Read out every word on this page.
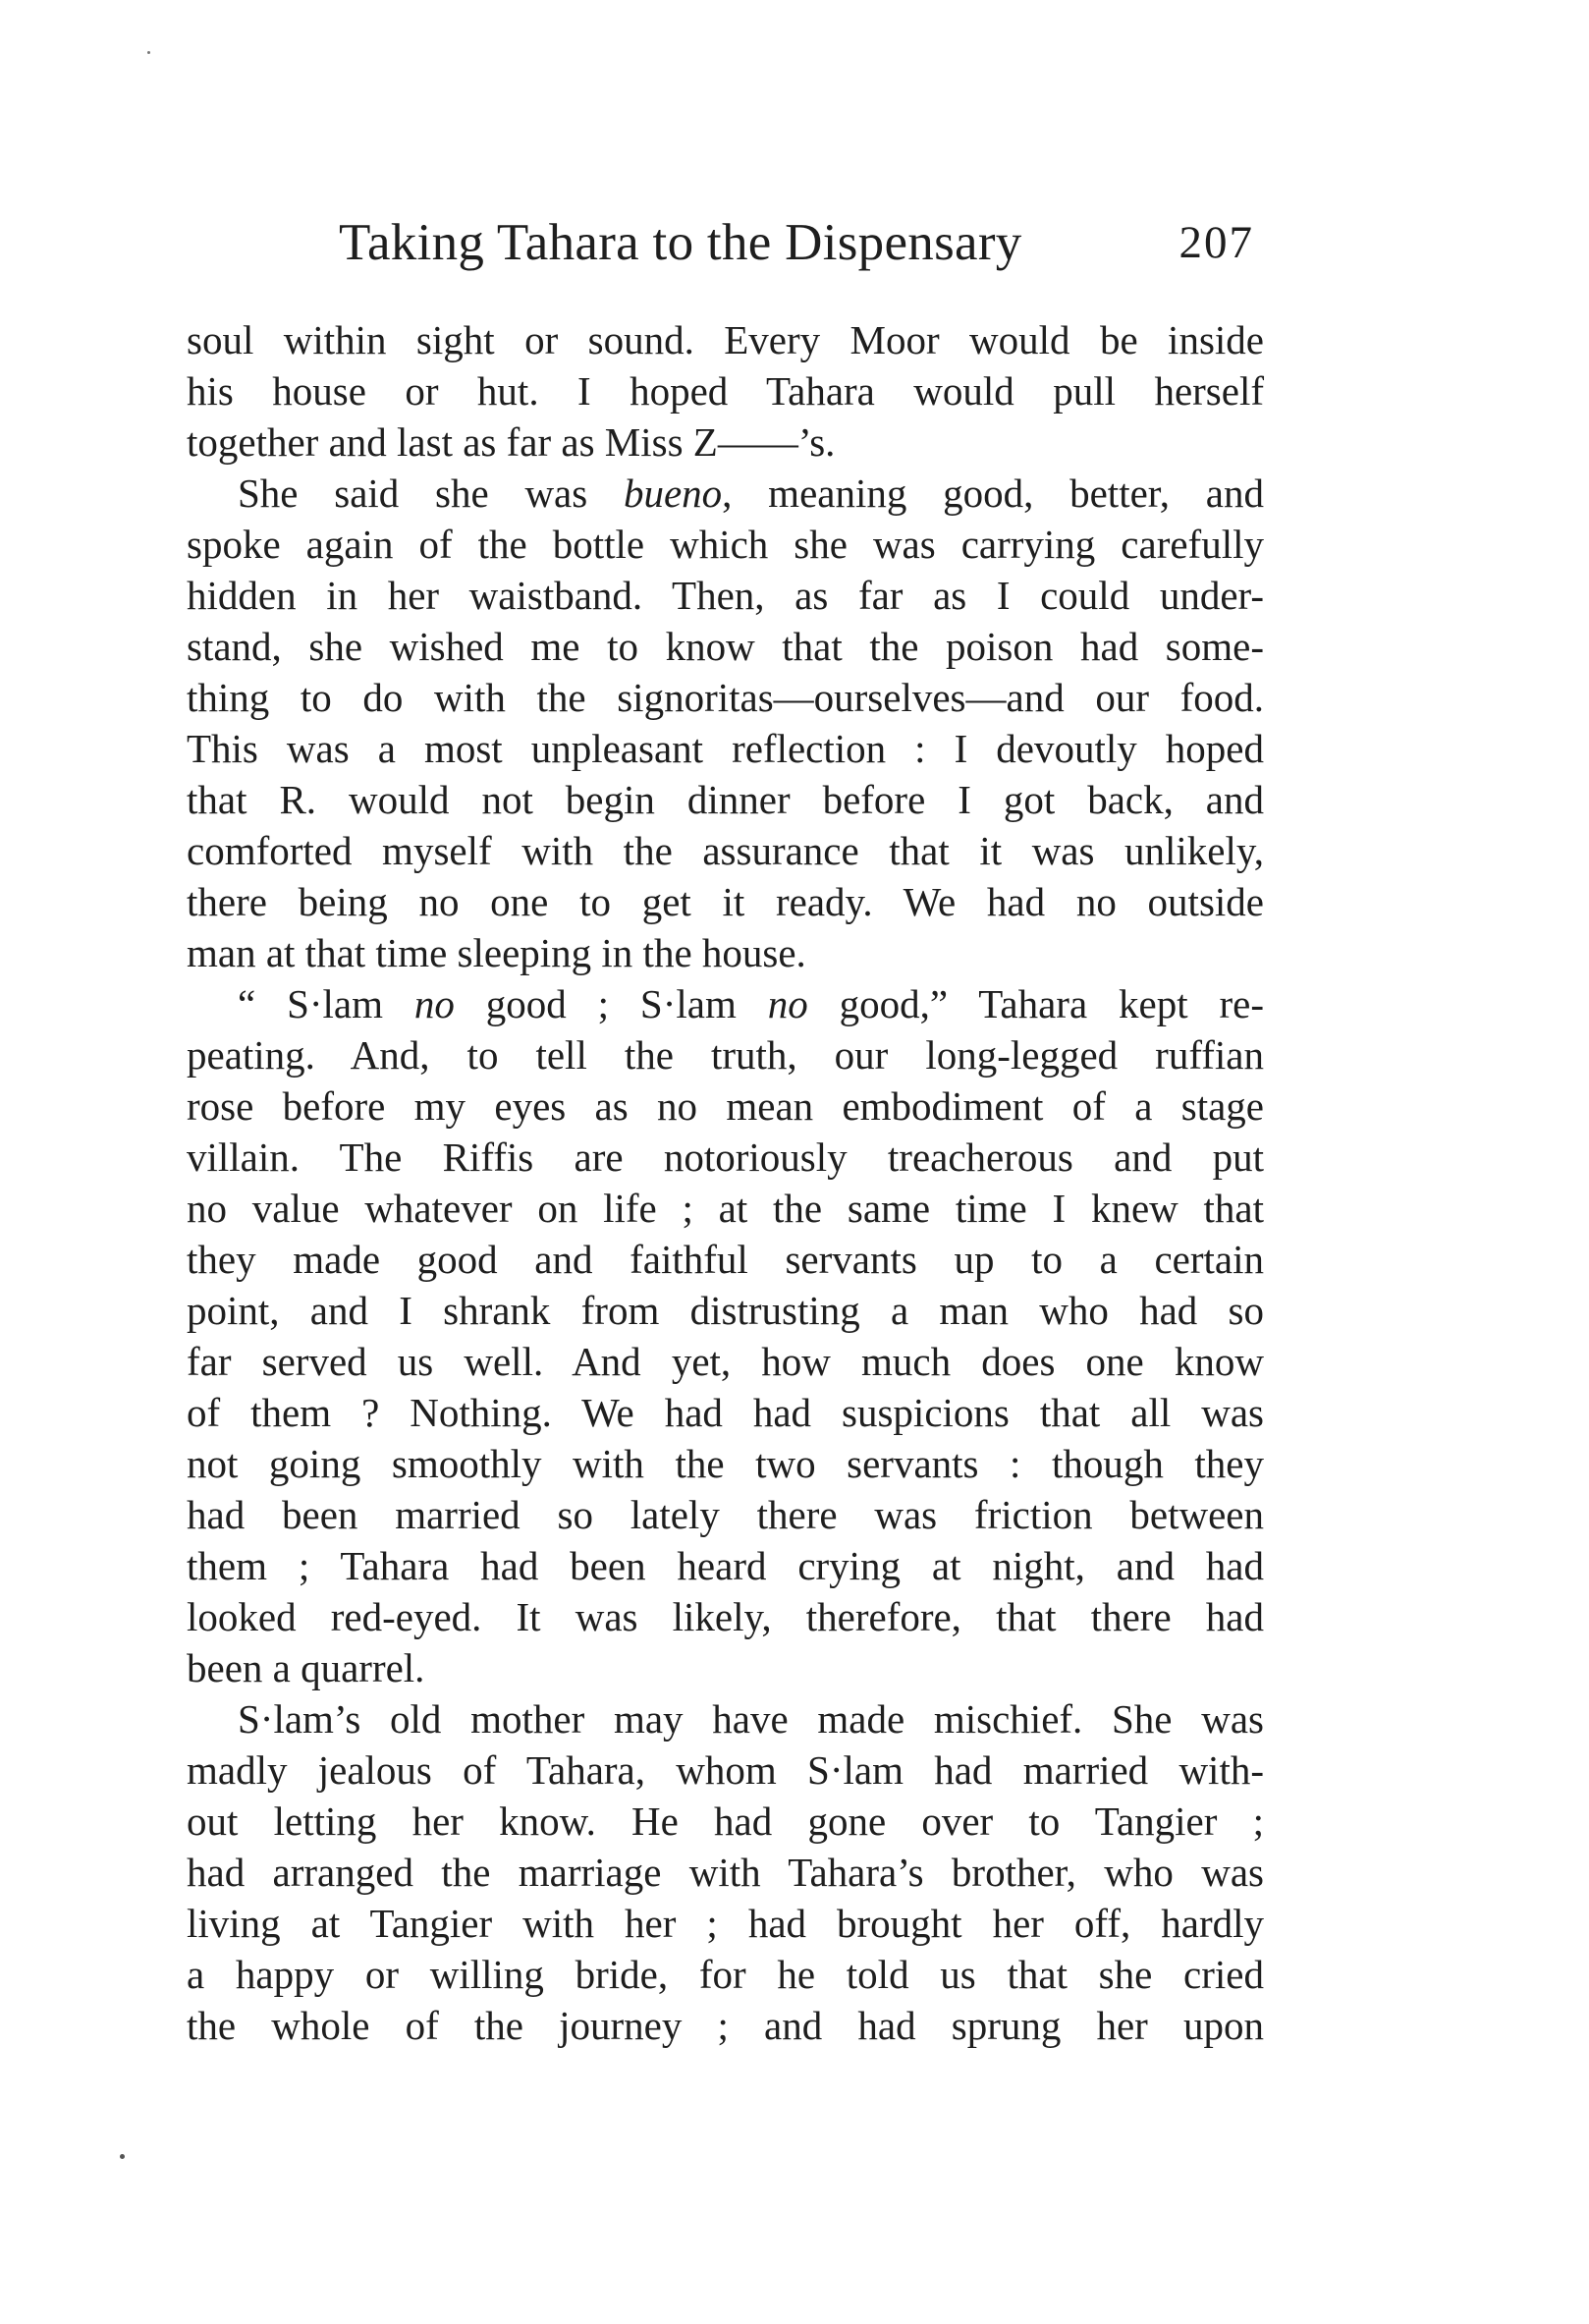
Taking Tahara to the Dispensary	207
soul within sight or sound. Every Moor would be inside
his house or hut. I hoped Tahara would pull herself
together and last as far as Miss Z——’s.
She said she was bueno, meaning good, better, and
spoke again of the bottle which she was carrying carefully
hidden in her waistband. Then, as far as I could under-
stand, she wished me to know that the poison had some-
thing to do with the signoritas—ourselves—and our food.
This was a most unpleasant reflection : I devoutly hoped
that R. would not begin dinner before I got back, and
comforted myself with the assurance that it was unlikely,
there being no one to get it ready. We had no outside
man at that time sleeping in the house.
“ S·lam no good ; S·lam no good,” Tahara kept re-
peating. And, to tell the truth, our long-legged ruffian
rose before my eyes as no mean embodiment of a stage
villain. The Riffis are notoriously treacherous and put
no value whatever on life ; at the same time I knew that
they made good and faithful servants up to a certain
point, and I shrank from distrusting a man who had so
far served us well. And yet, how much does one know
of them ? Nothing. We had had suspicions that all was
not going smoothly with the two servants : though they
had been married so lately there was friction between
them ; Tahara had been heard crying at night, and had
looked red-eyed. It was likely, therefore, that there had
been a quarrel.
S·lam’s old mother may have made mischief. She was
madly jealous of Tahara, whom S·lam had married with-
out letting her know. He had gone over to Tangier ;
had arranged the marriage with Tahara’s brother, who was
living at Tangier with her ; had brought her off, hardly
a happy or willing bride, for he told us that she cried
the whole of the journey ; and had sprung her upon
